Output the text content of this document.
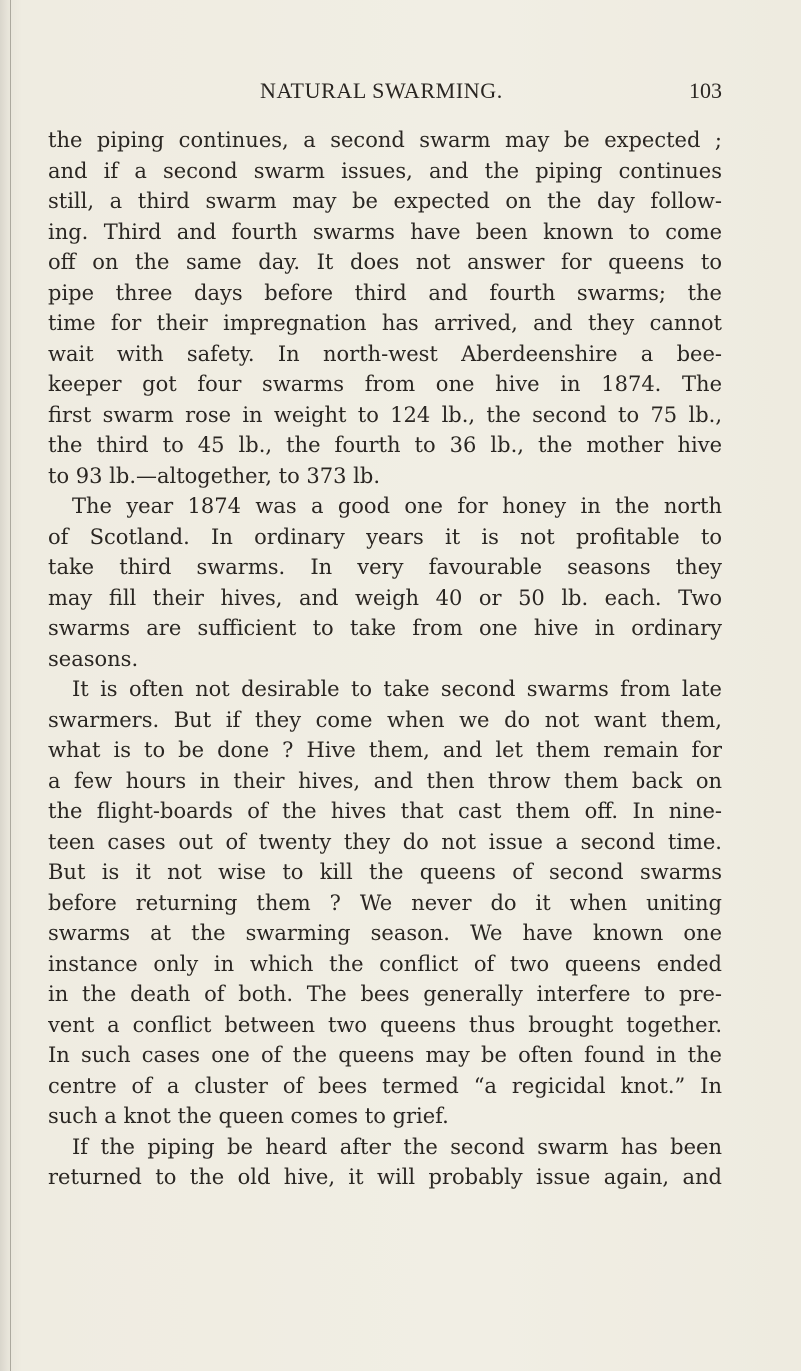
NATURAL SWARMING.	103
the piping continues, a second swarm may be expected ;
and if a second swarm issues, and the piping continues
still, a third swarm may be expected on the day follow-
ing. Third and fourth swarms have been known to come
off on the same day. It does not answer for queens to
pipe three days before third and fourth swarms; the
time for their impregnation has arrived, and they cannot
wait with safety. In north-west Aberdeenshire a bee-
keeper got four swarms from one hive in 1874. The
first swarm rose in weight to 124 lb., the second to 75 lb.,
the third to 45 lb., the fourth to 36 lb., the mother hive
to 93 lb.—altogether, to 373 lb.
The year 1874 was a good one for honey in the north
of Scotland. In ordinary years it is not profitable to
take third swarms. In very favourable seasons they
may fill their hives, and weigh 40 or 50 lb. each. Two
swarms are sufficient to take from one hive in ordinary
seasons.
It is often not desirable to take second swarms from late
swarmers. But if they come when we do not want them,
what is to be done ? Hive them, and let them remain for
a few hours in their hives, and then throw them back on
the flight-boards of the hives that cast them off. In nine-
teen cases out of twenty they do not issue a second time.
But is it not wise to kill the queens of second swarms
before returning them ? We never do it when uniting
swarms at the swarming season. We have known one
instance only in which the conflict of two queens ended
in the death of both. The bees generally interfere to pre-
vent a conflict between two queens thus brought together.
In such cases one of the queens may be often found in the
centre of a cluster of bees termed “a regicidal knot.” In
such a knot the queen comes to grief.
If the piping be heard after the second swarm has been
returned to the old hive, it will probably issue again, and
